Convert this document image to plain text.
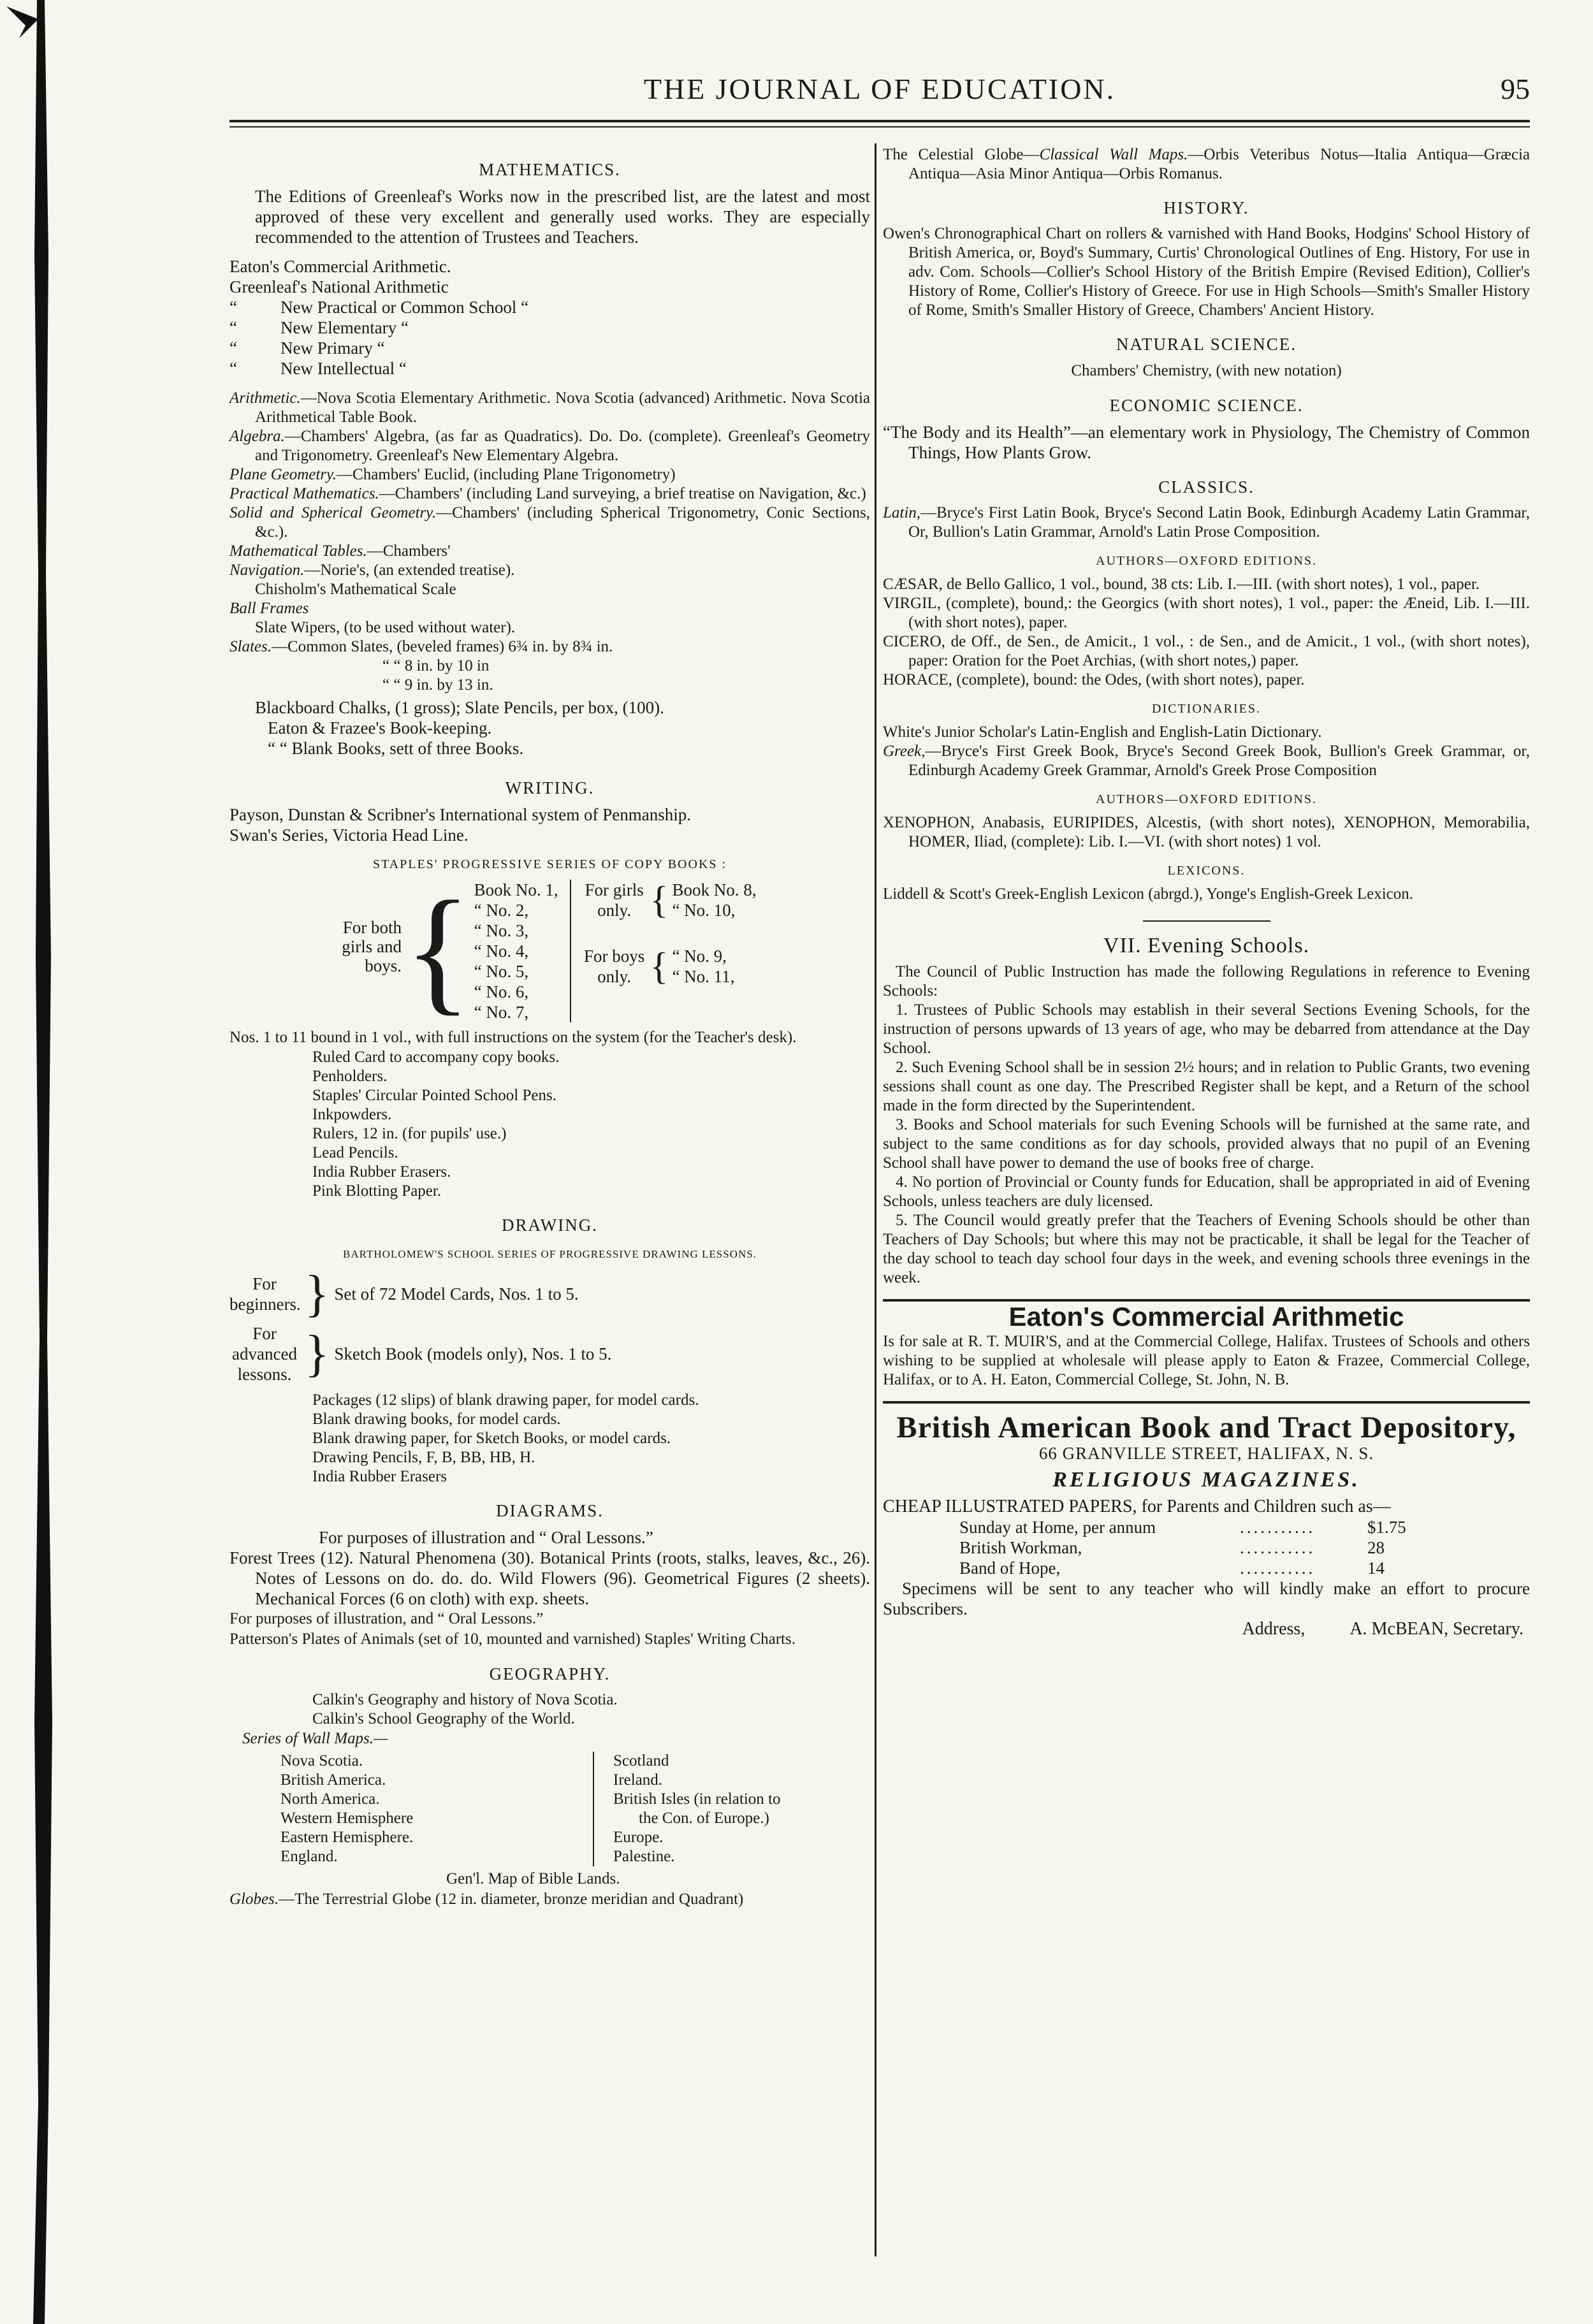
THE JOURNAL OF EDUCATION.	95
MATHEMATICS.

The Editions of Greenleaf's Works now in the prescribed list, are the latest and most approved of these very excellent and generally used works. They are especially recommended to the attention of Trustees and Teachers.

Eaton's Commercial Arithmetic.
Greenleaf's National Arithmetic
“	New Practical or Common School “
“	New Elementary “
“	New Primary “
“	New Intellectual “

Arithmetic.—Nova Scotia Elementary Arithmetic. Nova Scotia (advanced) Arithmetic. Nova Scotia Arithmetical Table Book.

Algebra.—Chambers' Algebra, (as far as Quadratics). Do. Do. (complete). Greenleaf's Geometry and Trigonometry. Greenleaf's New Elementary Algebra.

Plane Geometry.—Chambers' Euclid, (including Plane Trigonometry)

Practical Mathematics.—Chambers' (including Land surveying, a brief treatise on Navigation, &c.)

Solid and Spherical Geometry.—Chambers' (including Spherical Trigonometry, Conic Sections, &c.).

Mathematical Tables.—Chambers'

Navigation.—Norie's, (an extended treatise).

Chisholm's Mathematical Scale

Ball Frames

Slate Wipers, (to be used without water).

Slates.—Common Slates, (beveled frames) 6¾ in. by 8¾ in.

“ “ 8 in. by 10 in

“ “ 9 in. by 13 in.

Blackboard Chalks, (1 gross); Slate Pencils, per box, (100).

Eaton & Frazee's Book-keeping.

“ “ Blank Books, sett of three Books.

WRITING.

Payson, Dunstan & Scribner's International system of Penmanship.

Swan's Series, Victoria Head Line.

STAPLES' PROGRESSIVE SERIES OF COPY BOOKS :
For both girls and boys. { Book No. 1,
“ No. 2,
“ No. 3,
“ No. 4,
“ No. 5,
“ No. 6,
“ No. 7,
For girls only. { Book No. 8,
“ No. 10,
For boys only. { “ No. 9,
“ No. 11,

Nos. 1 to 11 bound in 1 vol., with full instructions on the system (for the Teacher's desk).

Ruled Card to accompany copy books.

Penholders.

Staples' Circular Pointed School Pens.

Inkpowders.

Rulers, 12 in. (for pupils' use.)

Lead Pencils.

India Rubber Erasers.

Pink Blotting Paper.

DRAWING.
BARTHOLOMEW'S SCHOOL SERIES OF PROGRESSIVE DRAWING LESSONS.
For beginners. } Set of 72 Model Cards, Nos. 1 to 5.
For advanced lessons. } Sketch Book (models only), Nos. 1 to 5.

Packages (12 slips) of blank drawing paper, for model cards.

Blank drawing books, for model cards.

Blank drawing paper, for Sketch Books, or model cards.

Drawing Pencils, F, B, BB, HB, H.

India Rubber Erasers

DIAGRAMS.

For purposes of illustration and “ Oral Lessons.”

Forest Trees (12). Natural Phenomena (30). Botanical Prints (roots, stalks, leaves, &c., 26). Notes of Lessons on do. do. do. Wild Flowers (96). Geometrical Figures (2 sheets). Mechanical Forces (6 on cloth) with exp. sheets.

For purposes of illustration, and “ Oral Lessons.”

Patterson's Plates of Animals (set of 10, mounted and varnished) Staples' Writing Charts.

GEOGRAPHY.

Calkin's Geography and history of Nova Scotia.

Calkin's School Geography of the World.

Series of Wall Maps.—

Nova Scotia.
British America.
North America.
Western Hemisphere
Eastern Hemisphere.
England.
Scotland
Ireland.
British Isles (in relation to
the Con. of Europe.)
Europe.
Palestine.

Gen'l. Map of Bible Lands.

Globes.—The Terrestrial Globe (12 in. diameter, bronze meridian and Quadrant)

The Celestial Globe—Classical Wall Maps.—Orbis Veteribus Notus—Italia Antiqua—Græcia Antiqua—Asia Minor Antiqua—Orbis Romanus.

HISTORY.

Owen's Chronographical Chart on rollers & varnished with Hand Books, Hodgins' School History of British America, or, Boyd's Summary, Curtis' Chronological Outlines of Eng. History, For use in adv. Com. Schools—Collier's School History of the British Empire (Revised Edition), Collier's History of Rome, Collier's History of Greece. For use in High Schools—Smith's Smaller History of Rome, Smith's Smaller History of Greece, Chambers' Ancient History.

NATURAL SCIENCE.

Chambers' Chemistry, (with new notation)

ECONOMIC SCIENCE.

“The Body and its Health”—an elementary work in Physiology, The Chemistry of Common Things, How Plants Grow.

CLASSICS.

Latin,—Bryce's First Latin Book, Bryce's Second Latin Book, Edinburgh Academy Latin Grammar, Or, Bullion's Latin Grammar, Arnold's Latin Prose Composition.

AUTHORS—OXFORD EDITIONS.

CÆSAR, de Bello Gallico, 1 vol., bound, 38 cts: Lib. I.—III. (with short notes), 1 vol., paper.

VIRGIL, (complete), bound,: the Georgics (with short notes), 1 vol., paper: the Æneid, Lib. I.—III. (with short notes), paper.

CICERO, de Off., de Sen., de Amicit., 1 vol., : de Sen., and de Amicit., 1 vol., (with short notes), paper: Oration for the Poet Archias, (with short notes,) paper.

HORACE, (complete), bound: the Odes, (with short notes), paper.

DICTIONARIES.

White's Junior Scholar's Latin-English and English-Latin Dictionary.

Greek,—Bryce's First Greek Book, Bryce's Second Greek Book, Bullion's Greek Grammar, or, Edinburgh Academy Greek Grammar, Arnold's Greek Prose Composition

AUTHORS—OXFORD EDITIONS.

XENOPHON, Anabasis, EURIPIDES, Alcestis, (with short notes), XENOPHON, Memorabilia, HOMER, Iliad, (complete): Lib. I.—VI. (with short notes) 1 vol.

LEXICONS.

Liddell & Scott's Greek-English Lexicon (abrgd.), Yonge's English-Greek Lexicon.

VII. Evening Schools.

The Council of Public Instruction has made the following Regulations in reference to Evening Schools:

1. Trustees of Public Schools may establish in their several Sections Evening Schools, for the instruction of persons upwards of 13 years of age, who may be debarred from attendance at the Day School.

2. Such Evening School shall be in session 2½ hours; and in relation to Public Grants, two evening sessions shall count as one day. The Prescribed Register shall be kept, and a Return of the school made in the form directed by the Superintendent.

3. Books and School materials for such Evening Schools will be furnished at the same rate, and subject to the same conditions as for day schools, provided always that no pupil of an Evening School shall have power to demand the use of books free of charge.

4. No portion of Provincial or County funds for Education, shall be appropriated in aid of Evening Schools, unless teachers are duly licensed.

5. The Council would greatly prefer that the Teachers of Evening Schools should be other than Teachers of Day Schools; but where this may not be practicable, it shall be legal for the Teacher of the day school to teach day school four days in the week, and evening schools three evenings in the week.

Eaton's Commercial Arithmetic

Is for sale at R. T. MUIR'S, and at the Commercial College, Halifax. Trustees of Schools and others wishing to be supplied at wholesale will please apply to Eaton & Frazee, Commercial College, Halifax, or to A. H. Eaton, Commercial College, St. John, N. B.

British American Book and Tract Depository,

66 GRANVILLE STREET, HALIFAX, N. S.

RELIGIOUS MAGAZINES.

CHEAP ILLUSTRATED PAPERS, for Parents and Children such as—

Sunday at Home, per annum	...........	$1.75
British Workman,	...........	28
Band of Hope,	...........	14

Specimens will be sent to any teacher who will kindly make an effort to procure Subscribers.

Address,	A. McBEAN, Secretary.
